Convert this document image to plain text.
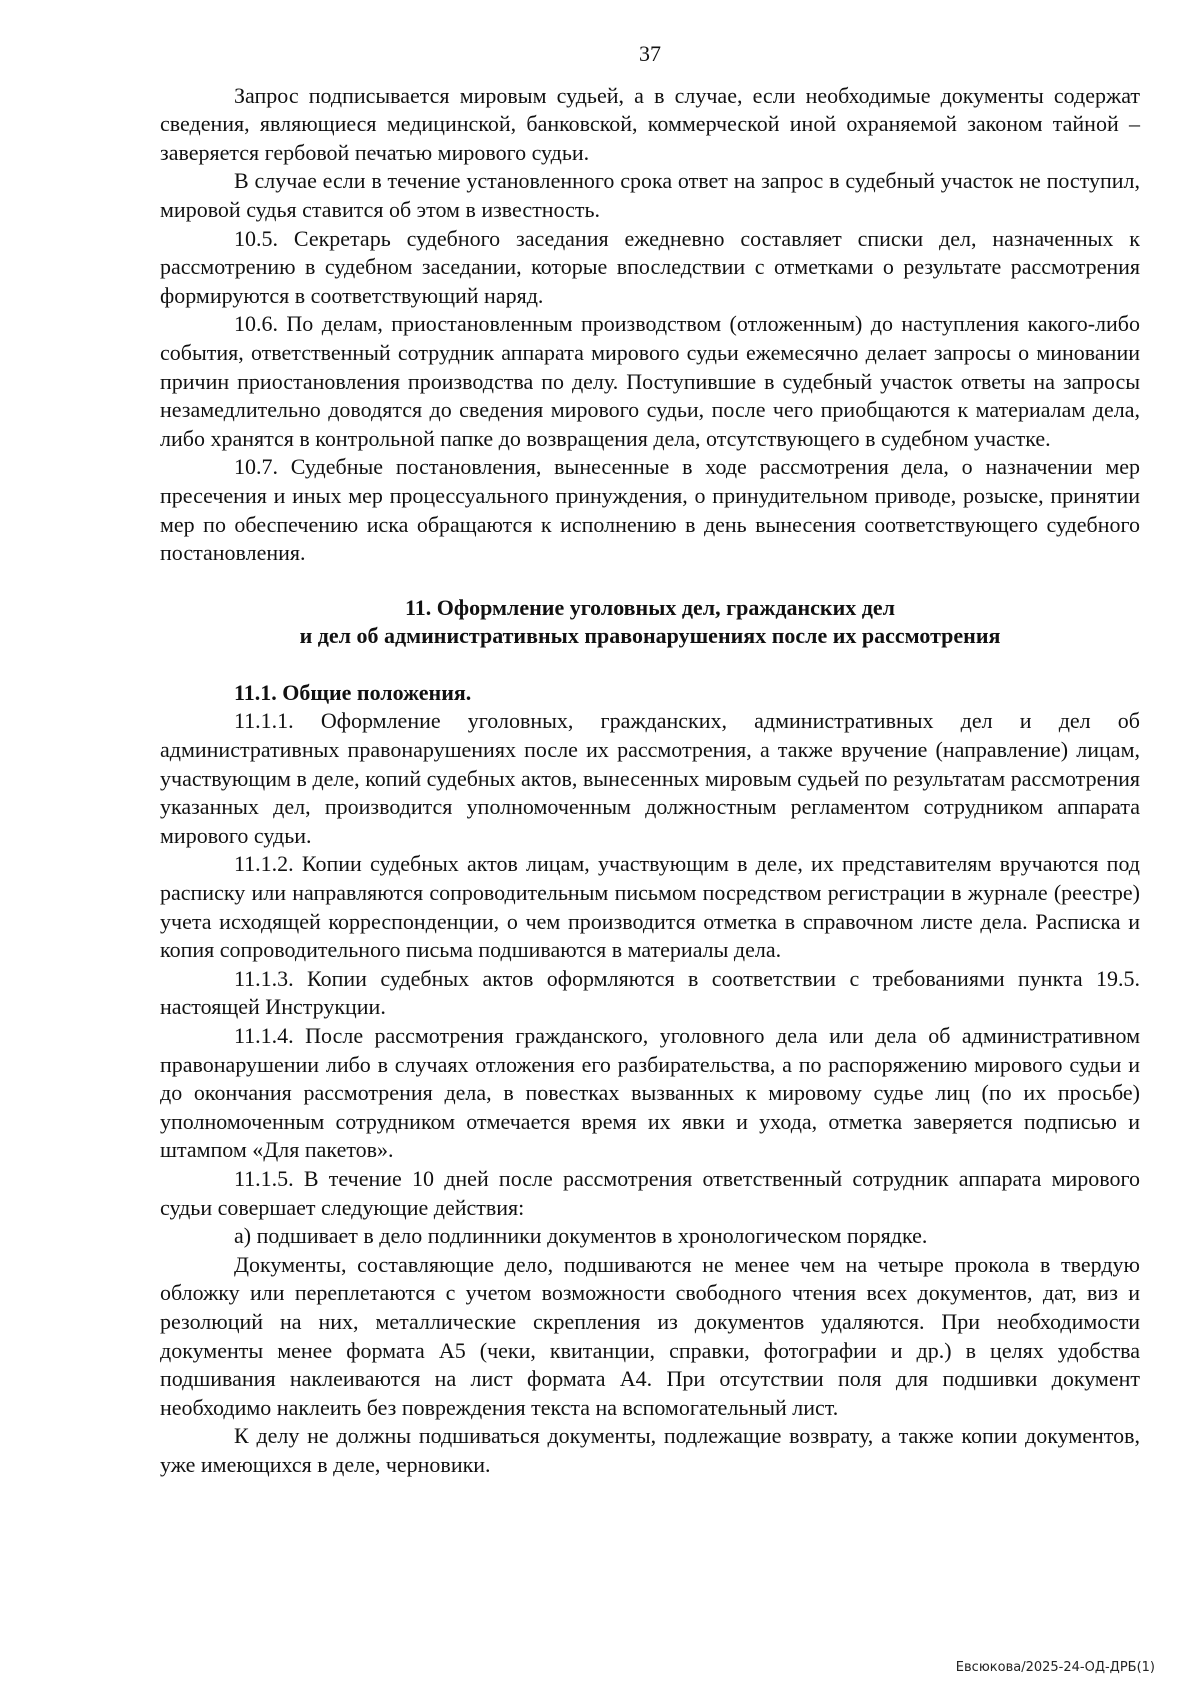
37

Запрос подписывается мировым судьей, а в случае, если необходимые документы содержат сведения, являющиеся медицинской, банковской, коммерческой иной охраняемой законом тайной – заверяется гербовой печатью мирового судьи.

В случае если в течение установленного срока ответ на запрос в судебный участок не поступил, мировой судья ставится об этом в известность.

10.5. Секретарь судебного заседания ежедневно составляет списки дел, назначенных к рассмотрению в судебном заседании, которые впоследствии с отметками о результате рассмотрения формируются в соответствующий наряд.

10.6. По делам, приостановленным производством (отложенным) до наступления какого-либо события, ответственный сотрудник аппарата мирового судьи ежемесячно делает запросы о миновании причин приостановления производства по делу. Поступившие в судебный участок ответы на запросы незамедлительно доводятся до сведения мирового судьи, после чего приобщаются к материалам дела, либо хранятся в контрольной папке до возвращения дела, отсутствующего в судебном участке.

10.7. Судебные постановления, вынесенные в ходе рассмотрения дела, о назначении мер пресечения и иных мер процессуального принуждения, о принудительном приводе, розыске, принятии мер по обеспечению иска обращаются к исполнению в день вынесения соответствующего судебного постановления.

11. Оформление уголовных дел, гражданских дел
и дел об административных правонарушениях после их рассмотрения

11.1. Общие положения.

11.1.1. Оформление уголовных, гражданских, административных дел и дел об административных правонарушениях после их рассмотрения, а также вручение (направление) лицам, участвующим в деле, копий судебных актов, вынесенных мировым судьей по результатам рассмотрения указанных дел, производится уполномоченным должностным регламентом сотрудником аппарата мирового судьи.

11.1.2. Копии судебных актов лицам, участвующим в деле, их представителям вручаются под расписку или направляются сопроводительным письмом посредством регистрации в журнале (реестре) учета исходящей корреспонденции, о чем производится отметка в справочном листе дела. Расписка и копия сопроводительного письма подшиваются в материалы дела.

11.1.3. Копии судебных актов оформляются в соответствии с требованиями пункта 19.5. настоящей Инструкции.

11.1.4. После рассмотрения гражданского, уголовного дела или дела об административном правонарушении либо в случаях отложения его разбирательства, а по распоряжению мирового судьи и до окончания рассмотрения дела, в повестках вызванных к мировому судье лиц (по их просьбе) уполномоченным сотрудником отмечается время их явки и ухода, отметка заверяется подписью и штампом «Для пакетов».

11.1.5. В течение 10 дней после рассмотрения ответственный сотрудник аппарата мирового судьи совершает следующие действия:

а) подшивает в дело подлинники документов в хронологическом порядке.

Документы, составляющие дело, подшиваются не менее чем на четыре прокола в твердую обложку или переплетаются с учетом возможности свободного чтения всех документов, дат, виз и резолюций на них, металлические скрепления из документов удаляются. При необходимости документы менее формата А5 (чеки, квитанции, справки, фотографии и др.) в целях удобства подшивания наклеиваются на лист формата А4. При отсутствии поля для подшивки документ необходимо наклеить без повреждения текста на вспомогательный лист.

К делу не должны подшиваться документы, подлежащие возврату, а также копии документов, уже имеющихся в деле, черновики.

Евсюкова/2025-24-ОД-ДРБ(1)
